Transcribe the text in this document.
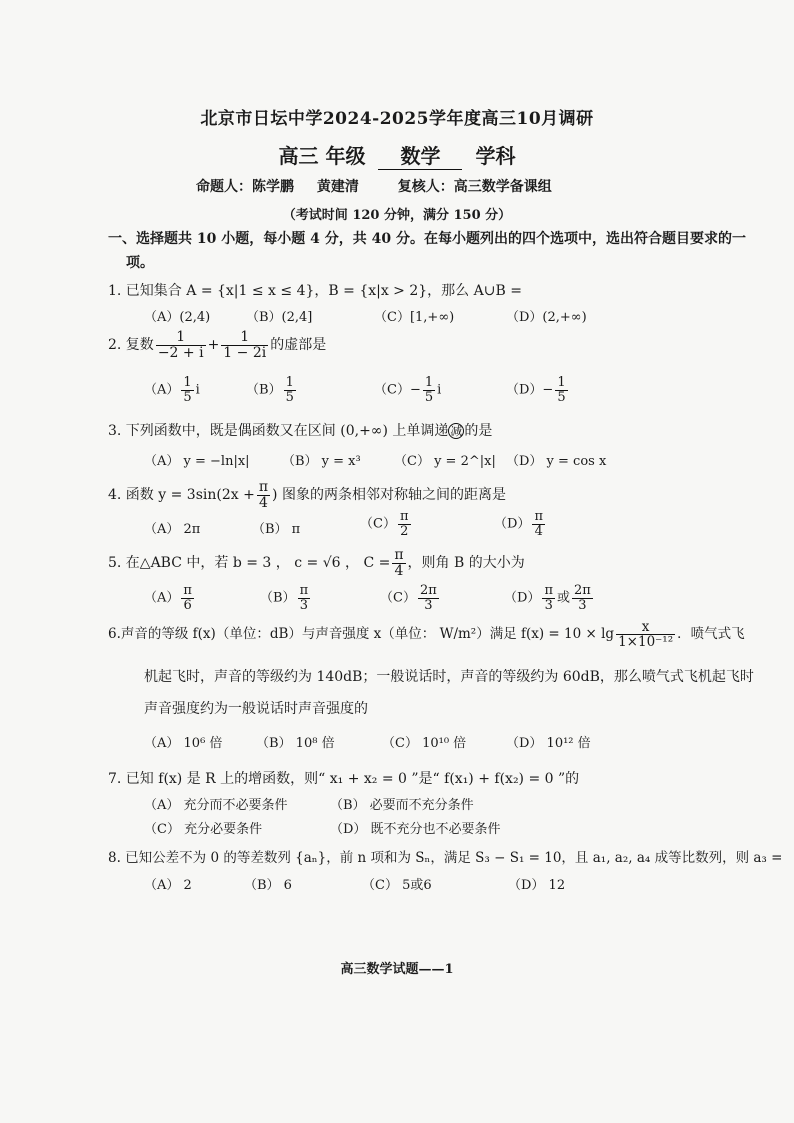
北京市日坛中学2024-2025学年度高三10月调研
高三 年级 数学 学科
命题人：陈学鹏 黄建清	复核人：高三数学备课组
（考试时间 120 分钟，满分 150 分）
一、选择题共 10 小题，每小题 4 分，共 40 分。在每小题列出的四个选项中，选出符合题目要求的一
项。
1. 已知集合 A = {x|1 ≤ x ≤ 4}，B = {x|x > 2}，那么 A∪B =
（A）(2,4)	（B）(2,4]	（C）[1,+∞)	（D）(2,+∞)
2. 复数 $\frac{1}{-2 + i} + \frac{1}{1 - 2i}$ 的虚部是
$(A) \frac{1}{5}$ i	$(B) \frac{1}{5}$	$(C)- \frac{1}{5}$ i	$(D)- \frac{1}{5}$
3. 下列函数中，既是偶函数又在区间 (0,+∞) 上单调递 减 的是
（A） y = −ln|x| （B） y = x³	（C） y = 2^|x| （D） y = cos x
4. 函数 $y = 3\sin(2x + \frac{\pi}{4}$ ) 图象的两条相邻对称轴之间的距离是
（A） 2π	（B） π	$(C) \frac{\pi}{2}$	$(D) \frac{\pi}{4}$
5. 在△ABC 中，若 b = 3 ， c = √6 ， $C = \frac{\pi}{4}$ ，则角 B 的大小为
$(A) \frac{\pi}{6}$	$(B) \frac{\pi}{3}$	$(C) \frac{2\pi}{3}$	$(D) \frac{\pi}{3}$ 或 $\frac{2\pi}{3}$
6.声音的等级 f(x)（单位：dB）与声音强度 x（单位： W/m²）满足 $f(x) = 10 \times \lg \frac{x}{\text{1×10⁻¹²}}$ ．喷气式飞
机起飞时，声音的等级约为 140dB；一般说话时，声音的等级约为 60dB，那么喷气式飞机起飞时
声音强度约为一般说话时声音强度的
（A） 10⁶ 倍	（B） 10⁸ 倍	（C） 10¹⁰ 倍	（D） 10¹² 倍
7. 已知 f(x) 是 R 上的增函数，则“ x₁ + x₂ = 0 ”是“ f(x₁) + f(x₂) = 0 ”的
（A） 充分而不必要条件	（B） 必要而不充分条件
（C） 充分必要条件	（D） 既不充分也不必要条件
8. 已知公差不为 0 的等差数列 {aₙ}，前 n 项和为 Sₙ，满足 S₃ − S₁ = 10，且 a₁, a₂, a₄ 成等比数列，则 a₃ =
（A） 2	（B） 6	（C） 5或6	（D） 12
高三数学试题——1
